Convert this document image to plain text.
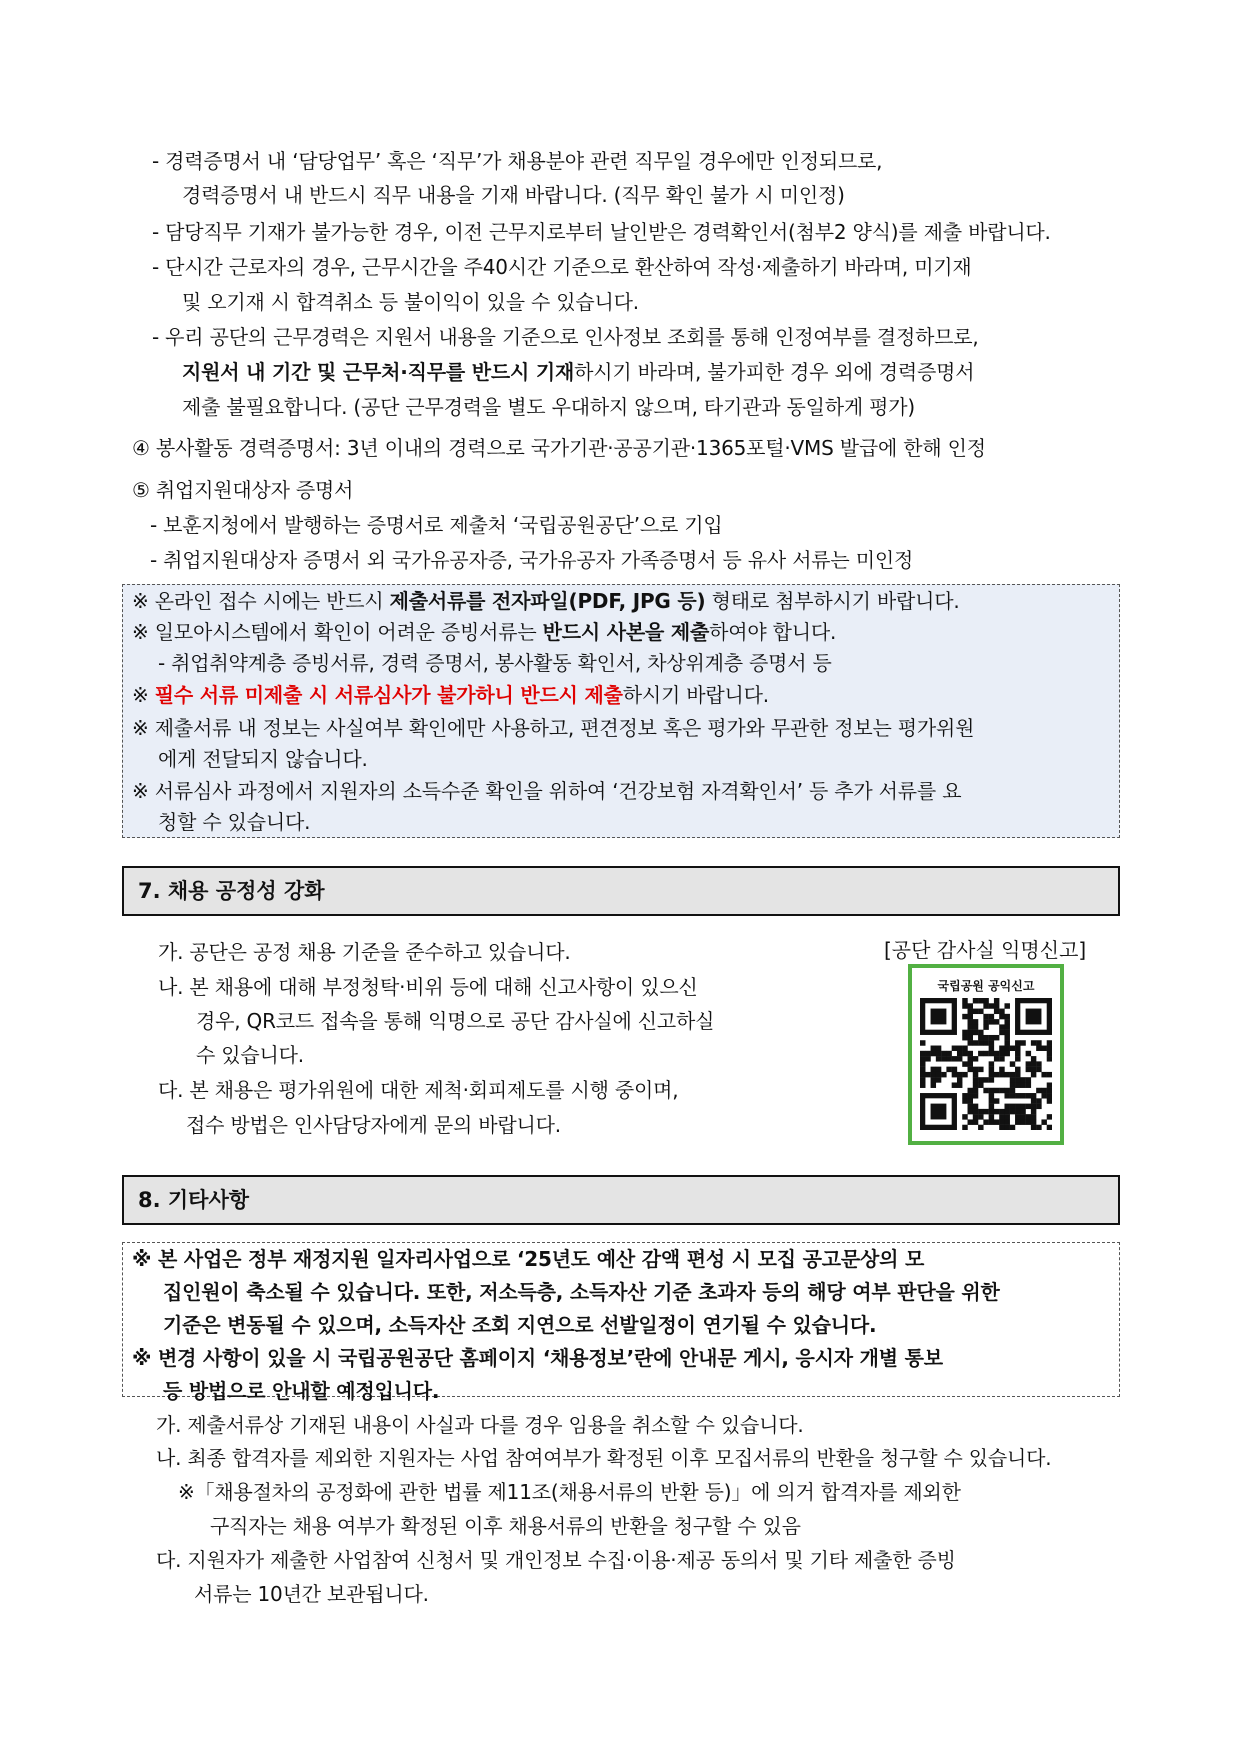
- 경력증명서 내 ‘담당업무’ 혹은 ‘직무’가 채용분야 관련 직무일 경우에만 인정되므로,
경력증명서 내 반드시 직무 내용을 기재 바랍니다. (직무 확인 불가 시 미인정)
- 담당직무 기재가 불가능한 경우, 이전 근무지로부터 날인받은 경력확인서(첨부2 양식)를 제출 바랍니다.
- 단시간 근로자의 경우, 근무시간을 주40시간 기준으로 환산하여 작성·제출하기 바라며, 미기재
및 오기재 시 합격취소 등 불이익이 있을 수 있습니다.
- 우리 공단의 근무경력은 지원서 내용을 기준으로 인사정보 조회를 통해 인정여부를 결정하므로,
지원서 내 기간 및 근무처·직무를 반드시 기재하시기 바라며, 불가피한 경우 외에 경력증명서
제출 불필요합니다. (공단 근무경력을 별도 우대하지 않으며, 타기관과 동일하게 평가)
④ 봉사활동 경력증명서: 3년 이내의 경력으로 국가기관·공공기관·1365포털·VMS 발급에 한해 인정
⑤ 취업지원대상자 증명서
- 보훈지청에서 발행하는 증명서로 제출처 ‘국립공원공단’으로 기입
- 취업지원대상자 증명서 외 국가유공자증, 국가유공자 가족증명서 등 유사 서류는 미인정
※ 온라인 접수 시에는 반드시 제출서류를 전자파일(PDF, JPG 등) 형태로 첨부하시기 바랍니다.
※ 일모아시스템에서 확인이 어려운 증빙서류는 반드시 사본을 제출하여야 합니다.
- 취업취약계층 증빙서류, 경력 증명서, 봉사활동 확인서, 차상위계층 증명서 등
※ 필수 서류 미제출 시 서류심사가 불가하니 반드시 제출하시기 바랍니다.
※ 제출서류 내 정보는 사실여부 확인에만 사용하고, 편견정보 혹은 평가와 무관한 정보는 평가위원
에게 전달되지 않습니다.
※ 서류심사 과정에서 지원자의 소득수준 확인을 위하여 ‘건강보험 자격확인서’ 등 추가 서류를 요
청할 수 있습니다.
7. 채용 공정성 강화
가. 공단은 공정 채용 기준을 준수하고 있습니다.
나. 본 채용에 대해 부정청탁·비위 등에 대해 신고사항이 있으신
경우, QR코드 접속을 통해 익명으로 공단 감사실에 신고하실
수 있습니다.
다. 본 채용은 평가위원에 대한 제척·회피제도를 시행 중이며,
접수 방법은 인사담당자에게 문의 바랍니다.
[공단 감사실 익명신고]
국립공원 공익신고
8. 기타사항
※ 본 사업은 정부 재정지원 일자리사업으로 ‘25년도 예산 감액 편성 시 모집 공고문상의 모
집인원이 축소될 수 있습니다. 또한, 저소득층, 소득자산 기준 초과자 등의 해당 여부 판단을 위한
기준은 변동될 수 있으며, 소득자산 조회 지연으로 선발일정이 연기될 수 있습니다.
※ 변경 사항이 있을 시 국립공원공단 홈페이지 ‘채용정보’란에 안내문 게시, 응시자 개별 통보
등 방법으로 안내할 예정입니다.
가. 제출서류상 기재된 내용이 사실과 다를 경우 임용을 취소할 수 있습니다.
나. 최종 합격자를 제외한 지원자는 사업 참여여부가 확정된 이후 모집서류의 반환을 청구할 수 있습니다.
※「채용절차의 공정화에 관한 법률 제11조(채용서류의 반환 등)」에 의거 합격자를 제외한
구직자는 채용 여부가 확정된 이후 채용서류의 반환을 청구할 수 있음
다. 지원자가 제출한 사업참여 신청서 및 개인정보 수집·이용·제공 동의서 및 기타 제출한 증빙
서류는 10년간 보관됩니다.
